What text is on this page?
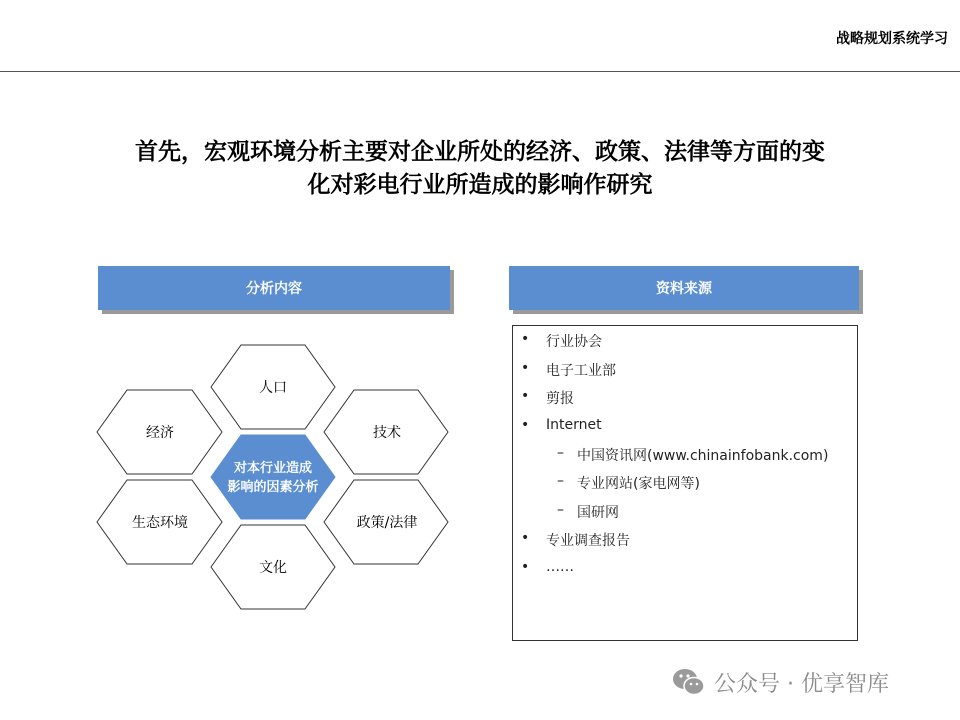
战略规划系统学习
首先，宏观环境分析主要对企业所处的经济、政策、法律等方面的变
化对彩电行业所造成的影响作研究
分析内容	资料来源
人口
经济	技术
对本行业造成
影响的因素分析
生态环境	政策/法律
文化
• 行业协会
• 电子工业部
• 剪报
• Internet
– 中国资讯网(www.chinainfobank.com)
– 专业网站(家电网等)
– 国研网
• 专业调查报告
• ……
公众号 · 优享智库
